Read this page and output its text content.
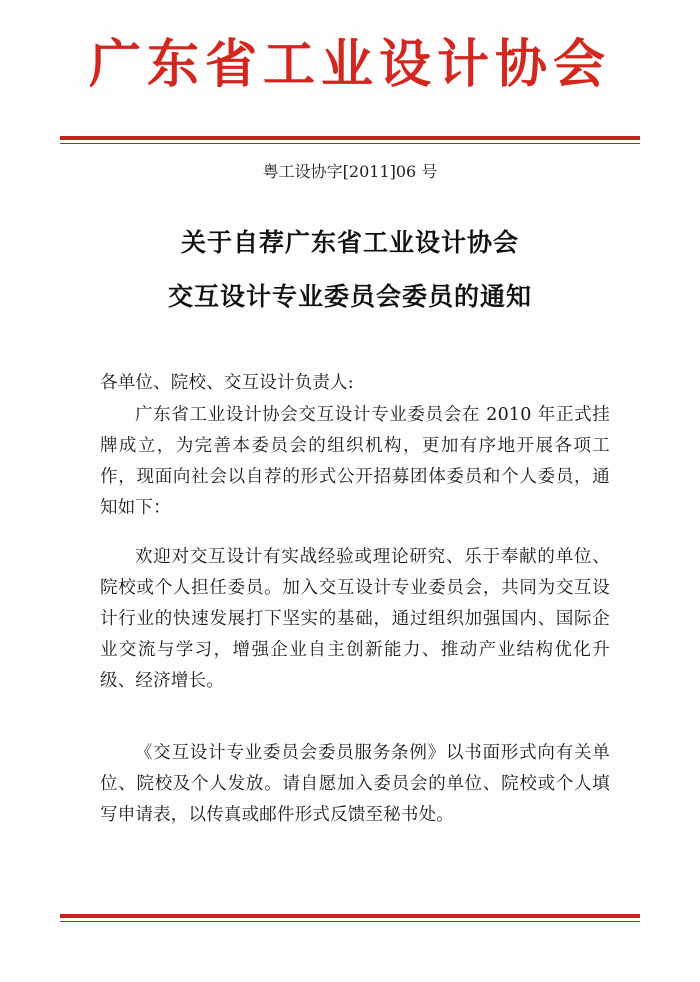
广东省工业设计协会
粤工设协字[2011]06 号
关于自荐广东省工业设计协会
交互设计专业委员会委员的通知
各单位、院校、交互设计负责人:
广东省工业设计协会交互设计专业委员会在 2010 年正式挂牌成立，为完善本委员会的组织机构，更加有序地开展各项工作，现面向社会以自荐的形式公开招募团体委员和个人委员，通知如下：
欢迎对交互设计有实战经验或理论研究、乐于奉献的单位、院校或个人担任委员。加入交互设计专业委员会，共同为交互设计行业的快速发展打下坚实的基础，通过组织加强国内、国际企业交流与学习，增强企业自主创新能力、推动产业结构优化升级、经济增长。
《交互设计专业委员会委员服务条例》以书面形式向有关单位、院校及个人发放。请自愿加入委员会的单位、院校或个人填写申请表，以传真或邮件形式反馈至秘书处。
